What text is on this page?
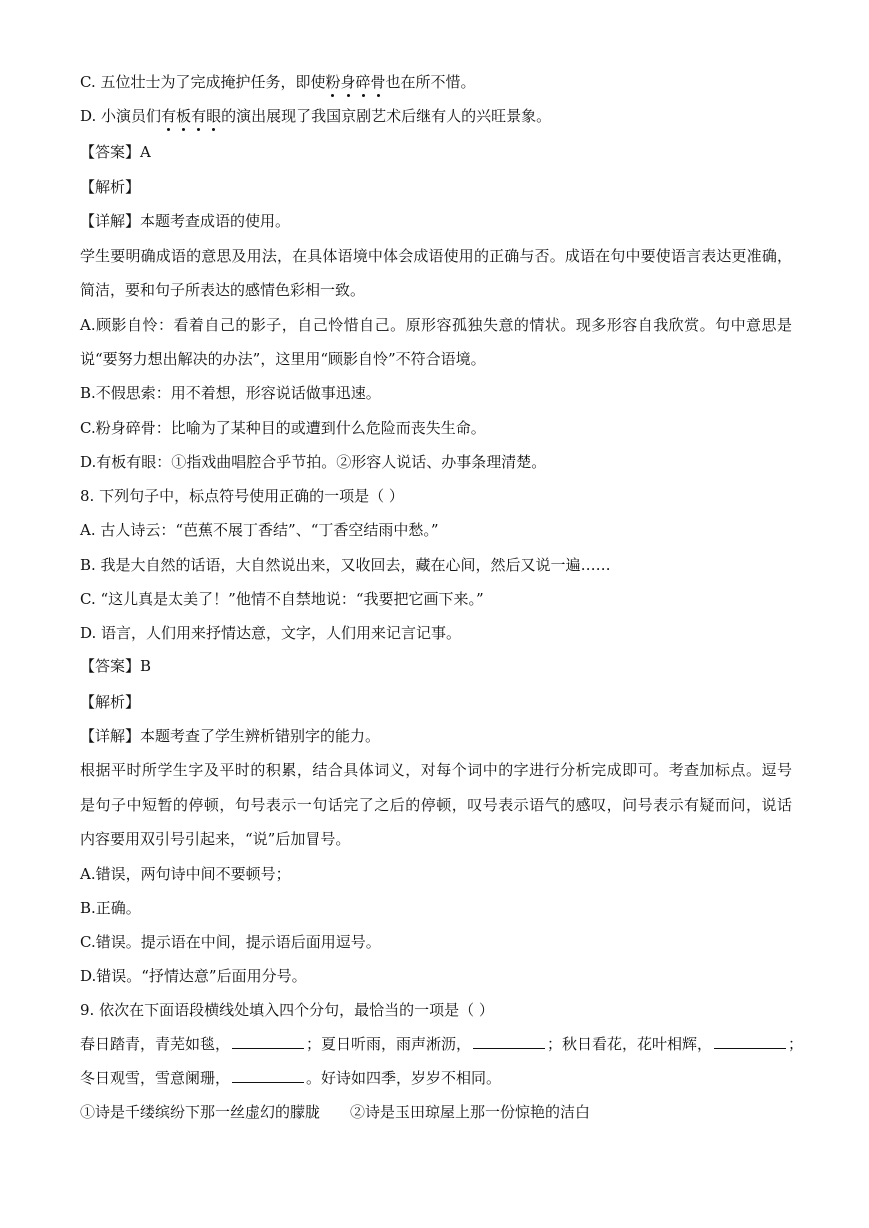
C. 五位壮士为了完成掩护任务，即使粉身碎骨也在所不惜。
D. 小演员们有板有眼的演出展现了我国京剧艺术后继有人的兴旺景象。
【答案】A
【解析】
【详解】本题考查成语的使用。
学生要明确成语的意思及用法，在具体语境中体会成语使用的正确与否。成语在句中要使语言表达更准确，
简洁，要和句子所表达的感情色彩相一致。
A.顾影自怜：看着自己的影子，自己怜惜自己。原形容孤独失意的情状。现多形容自我欣赏。句中意思是
说“要努力想出解决的办法”，这里用“顾影自怜”不符合语境。
B.不假思索：用不着想，形容说话做事迅速。
C.粉身碎骨：比喻为了某种目的或遭到什么危险而丧失生命。
D.有板有眼：①指戏曲唱腔合乎节拍。②形容人说话、办事条理清楚。
8. 下列句子中，标点符号使用正确的一项是（ ）
A. 古人诗云：“芭蕉不展丁香结”、“丁香空结雨中愁。”
B. 我是大自然的话语，大自然说出来，又收回去，藏在心间，然后又说一遍……
C. “这儿真是太美了！”他情不自禁地说：“我要把它画下来。”
D. 语言，人们用来抒情达意，文字，人们用来记言记事。
【答案】B
【解析】
【详解】本题考查了学生辨析错别字的能力。
根据平时所学生字及平时的积累，结合具体词义，对每个词中的字进行分析完成即可。考查加标点。逗号
是句子中短暂的停顿，句号表示一句话完了之后的停顿，叹号表示语气的感叹，问号表示有疑而问，说话
内容要用双引号引起来，“说”后加冒号。
A.错误，两句诗中间不要顿号；
B.正确。
C.错误。提示语在中间，提示语后面用逗号。
D.错误。“抒情达意”后面用分号。
9. 依次在下面语段横线处填入四个分句，最恰当的一项是（ ）
春日踏青，青芜如毯，	；夏日听雨，雨声淅沥，	；秋日看花，花叶相辉，	；
冬日观雪，雪意阑珊，	。好诗如四季，岁岁不相同。
①诗是千缕缤纷下那一丝虚幻的朦胧 ②诗是玉田琼屋上那一份惊艳的洁白
